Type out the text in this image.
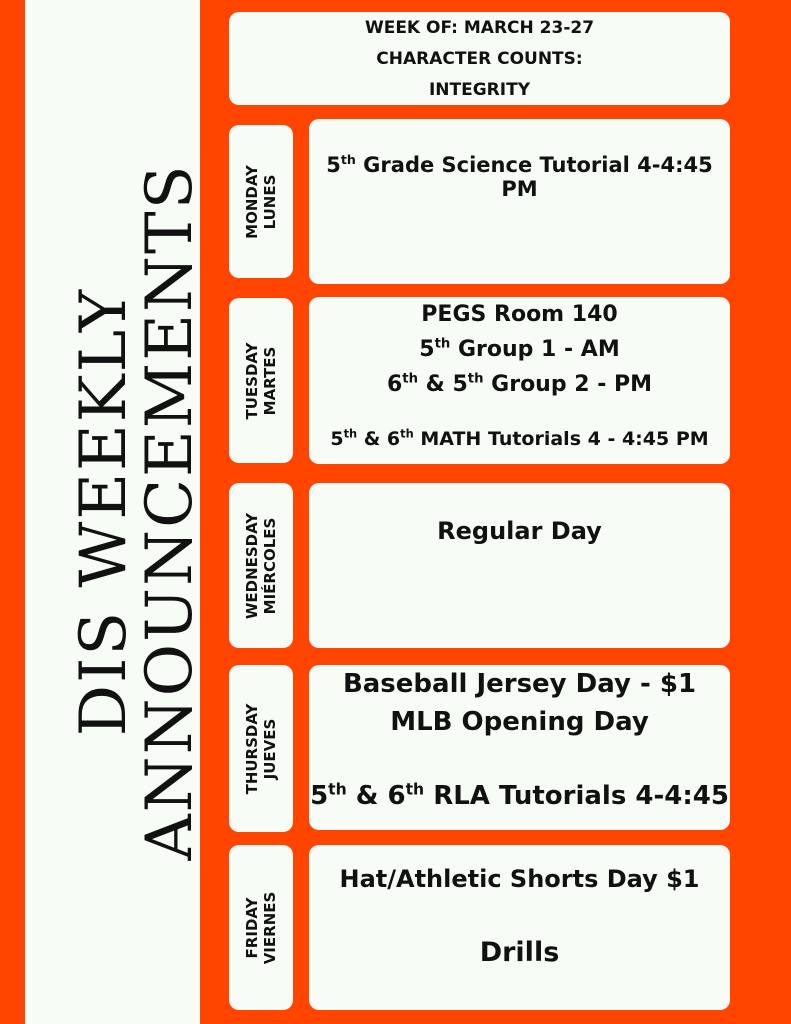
DIS WEEKLY
ANNOUNCEMENTS
WEEK OF: MARCH 23-27
CHARACTER COUNTS:
INTEGRITY
MONDAY LUNES
5th Grade Science Tutorial 4-4:45 PM
TUESDAY MARTES
PEGS Room 140
5th Group 1 - AM
6th & 5th Group 2 - PM
5th & 6th MATH Tutorials 4 - 4:45 PM
WEDNESDAY MIÉRCOLES	Regular Day
THURSDAY JUEVES
Baseball Jersey Day - $1
MLB Opening Day
5th & 6th RLA Tutorials 4-4:45
FRIDAY VIERNES
Hat/Athletic Shorts Day $1
Drills
